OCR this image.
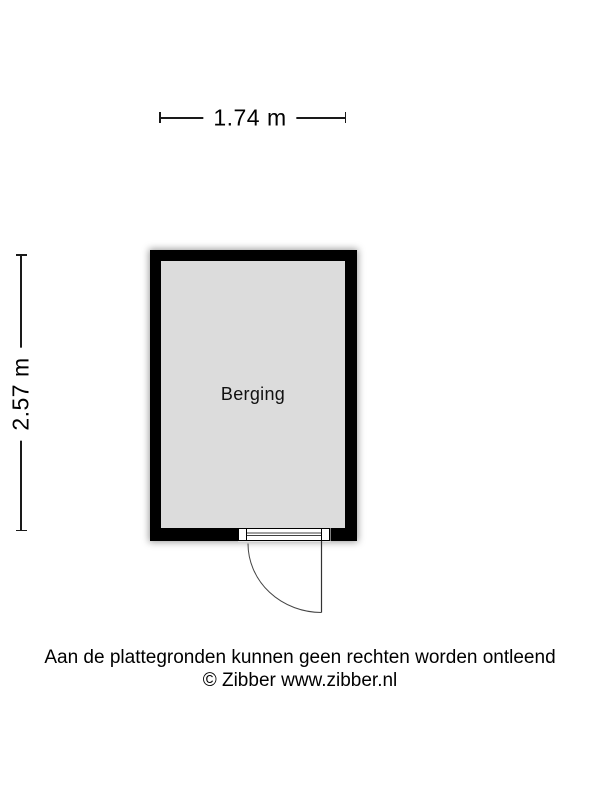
1.74 m
2.57 m	Berging
Aan de plattegronden kunnen geen rechten worden ontleend
© Zibber www.zibber.nl
